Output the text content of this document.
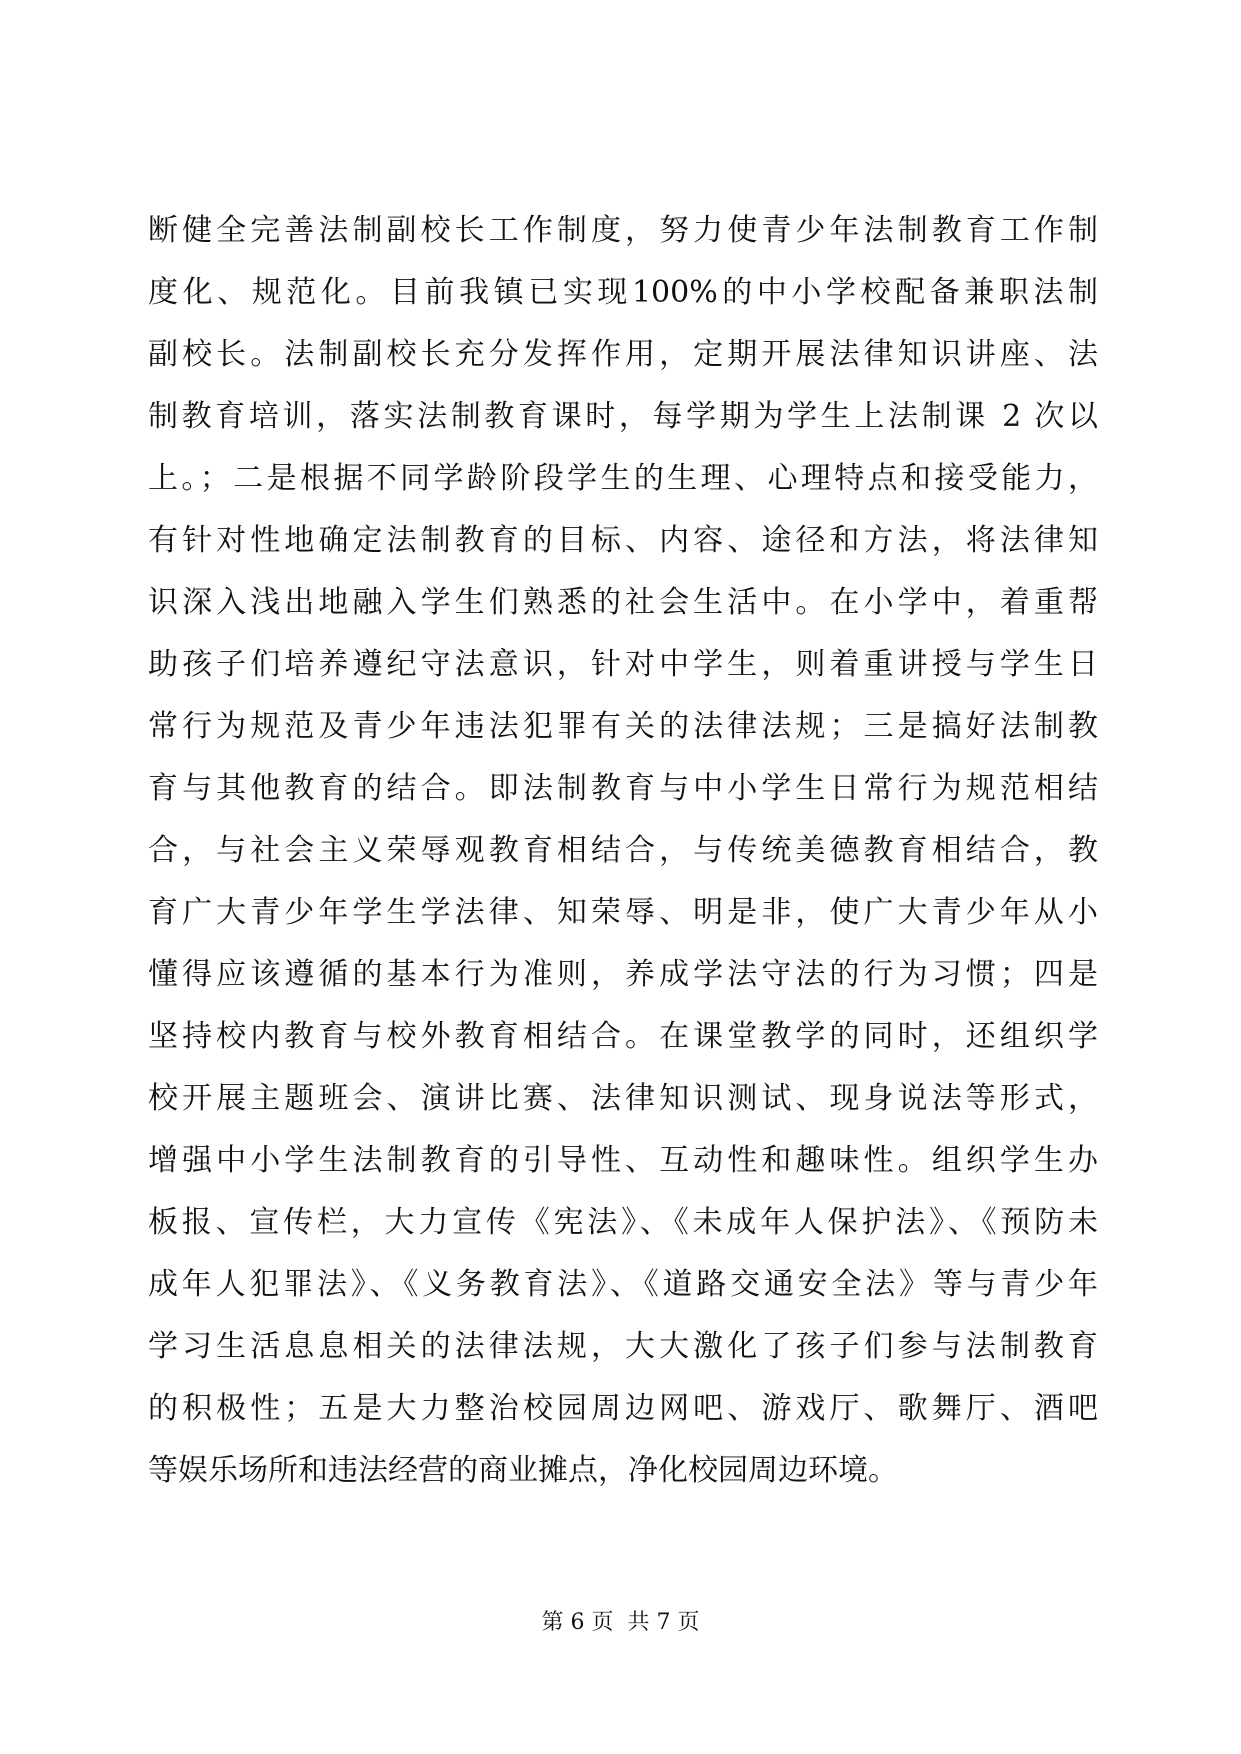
断健全完善法制副校长工作制度，努力使青少年法制教育工作制
度化、规范化。目前我镇已实现100%的中小学校配备兼职法制
副校长。法制副校长充分发挥作用，定期开展法律知识讲座、法
制教育培训，落实法制教育课时，每学期为学生上法制课 2 次以
上。；二是根据不同学龄阶段学生的生理、心理特点和接受能力，
有针对性地确定法制教育的目标、内容、途径和方法，将法律知
识深入浅出地融入学生们熟悉的社会生活中。在小学中，着重帮
助孩子们培养遵纪守法意识，针对中学生，则着重讲授与学生日
常行为规范及青少年违法犯罪有关的法律法规；三是搞好法制教
育与其他教育的结合。即法制教育与中小学生日常行为规范相结
合，与社会主义荣辱观教育相结合，与传统美德教育相结合，教
育广大青少年学生学法律、知荣辱、明是非，使广大青少年从小
懂得应该遵循的基本行为准则，养成学法守法的行为习惯；四是
坚持校内教育与校外教育相结合。在课堂教学的同时，还组织学
校开展主题班会、演讲比赛、法律知识测试、现身说法等形式，
增强中小学生法制教育的引导性、互动性和趣味性。组织学生办
板报、宣传栏，大力宣传《宪法》、《未成年人保护法》、《预防未
成年人犯罪法》、《义务教育法》、《道路交通安全法》等与青少年
学习生活息息相关的法律法规，大大激化了孩子们参与法制教育
的积极性；五是大力整治校园周边网吧、游戏厅、歌舞厅、酒吧
等娱乐场所和违法经营的商业摊点，净化校园周边环境。
第 6 页 共 7 页
